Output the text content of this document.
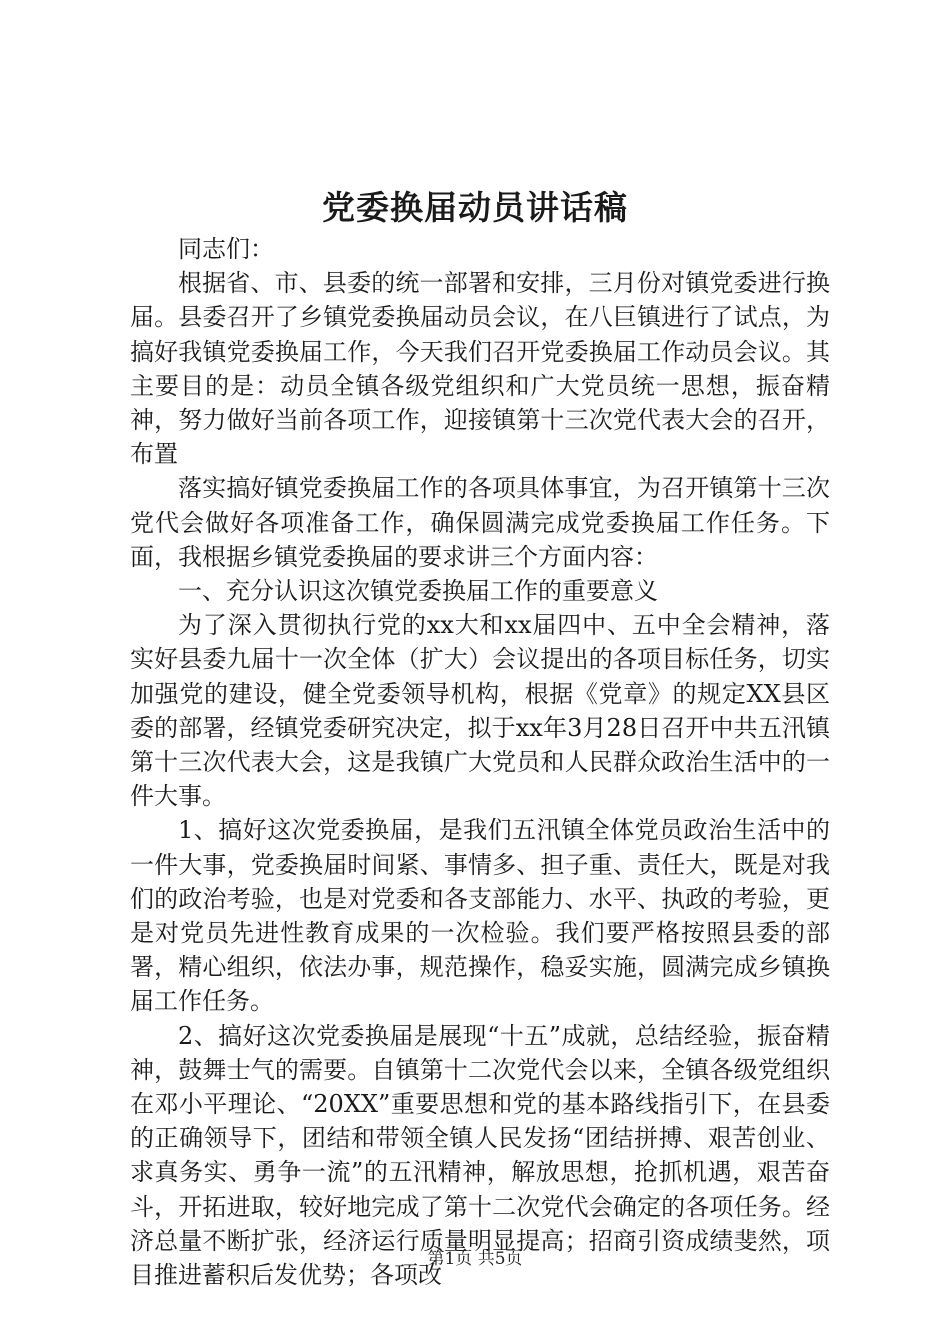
党委换届动员讲话稿

同志们：

根据省、市、县委的统一部署和安排，三月份对镇党委进行换届。县委召开了乡镇党委换届动员会议，在八巨镇进行了试点，为搞好我镇党委换届工作，今天我们召开党委换届工作动员会议。其主要目的是：动员全镇各级党组织和广大党员统一思想，振奋精神，努力做好当前各项工作，迎接镇第十三次党代表大会的召开，布置

落实搞好镇党委换届工作的各项具体事宜，为召开镇第十三次党代会做好各项准备工作，确保圆满完成党委换届工作任务。下面，我根据乡镇党委换届的要求讲三个方面内容：

一、充分认识这次镇党委换届工作的重要意义

为了深入贯彻执行党的xx大和xx届四中、五中全会精神，落实好县委九届十一次全体（扩大）会议提出的各项目标任务，切实加强党的建设，健全党委领导机构，根据《党章》的规定XX县区委的部署，经镇党委研究决定，拟于xx年3月28日召开中共五汛镇第十三次代表大会，这是我镇广大党员和人民群众政治生活中的一件大事。

1、搞好这次党委换届，是我们五汛镇全体党员政治生活中的一件大事，党委换届时间紧、事情多、担子重、责任大，既是对我们的政治考验，也是对党委和各支部能力、水平、执政的考验，更是对党员先进性教育成果的一次检验。我们要严格按照县委的部署，精心组织，依法办事，规范操作，稳妥实施，圆满完成乡镇换届工作任务。

2、搞好这次党委换届是展现“十五”成就，总结经验，振奋精神，鼓舞士气的需要。自镇第十二次党代会以来，全镇各级党组织在邓小平理论、“20XX”重要思想和党的基本路线指引下，在县委的正确领导下，团结和带领全镇人民发扬“团结拼搏、艰苦创业、求真务实、勇争一流”的五汛精神，解放思想，抢抓机遇，艰苦奋斗，开拓进取，较好地完成了第十二次党代会确定的各项任务。经济总量不断扩张，经济运行质量明显提高；招商引资成绩斐然，项目推进蓄积后发优势；各项改

第1页 共5页
